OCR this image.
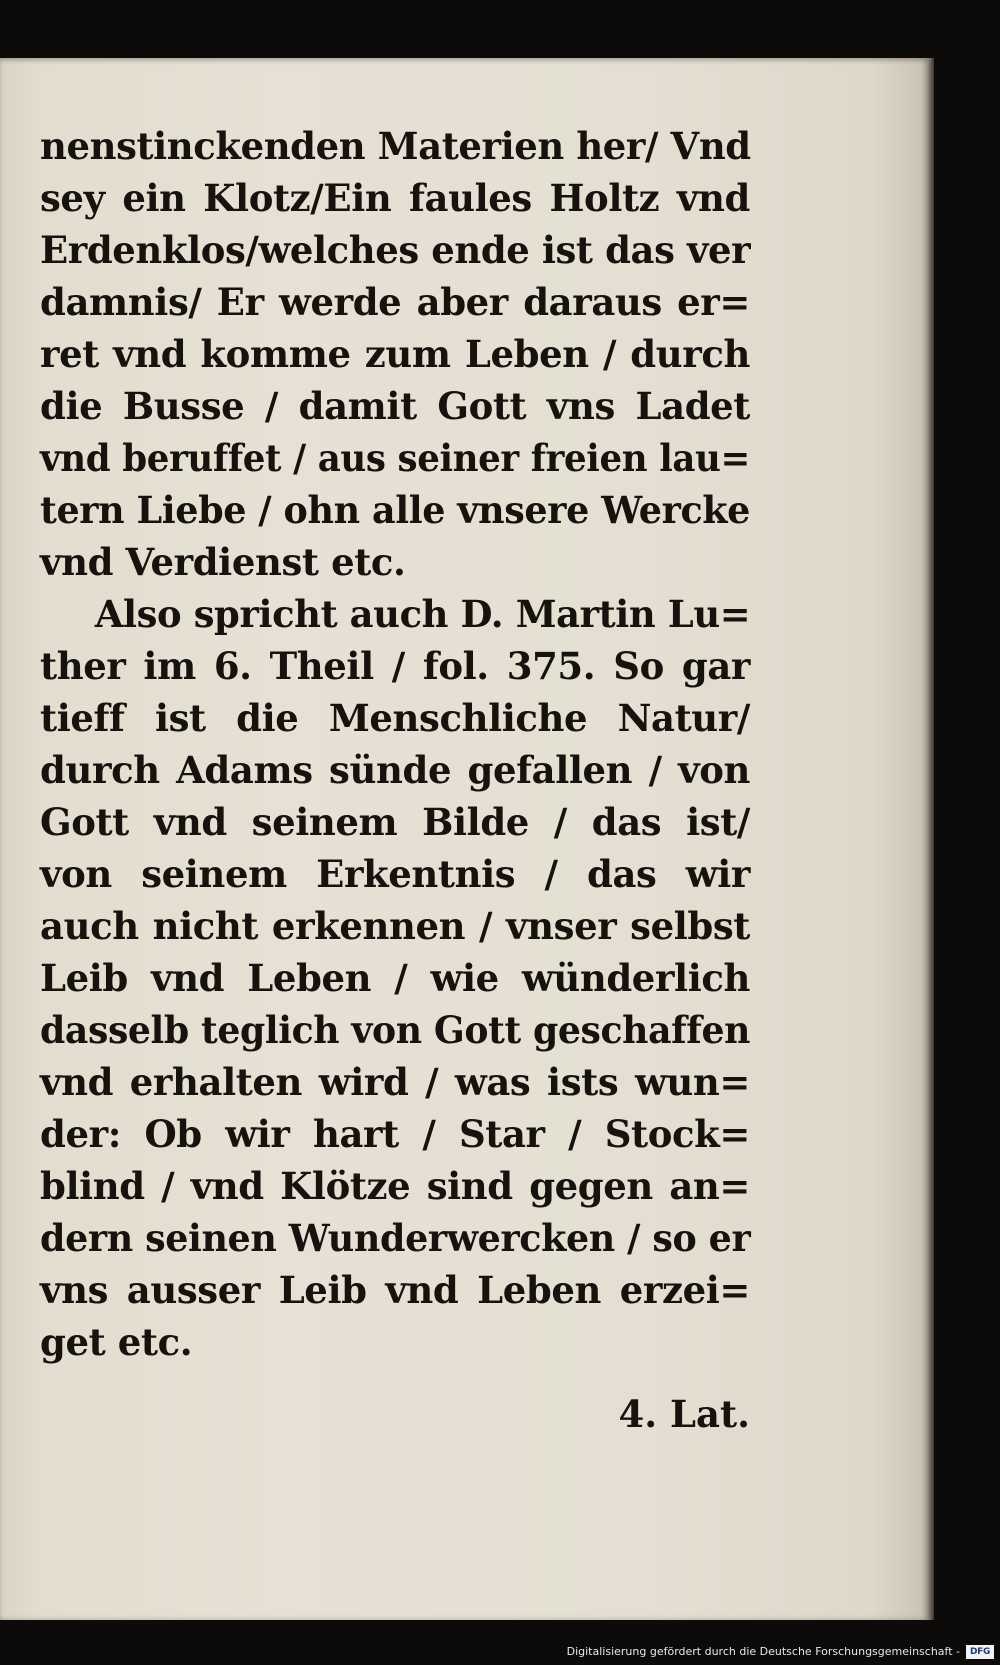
nenstinckenden Materien her/ Vnd
sey ein Klotz/Ein faules Holtz vnd
Erdenklos/welches ende ist das ver
damnis/ Er werde aber daraus er=
ret vnd komme zum Leben / durch
die Busse / damit Gott vns Ladet
vnd beruffet / aus seiner freien lau=
tern Liebe / ohn alle vnsere Wercke
vnd Verdienst etc.
Also spricht auch D. Martin Lu=
ther im 6. Theil / fol. 375. So gar
tieff ist die Menschliche Natur/
durch Adams sünde gefallen / von
Gott vnd seinem Bilde / das ist/
von seinem Erkentnis / das wir
auch nicht erkennen / vnser selbst
Leib vnd Leben / wie wünderlich
dasselb teglich von Gott geschaffen
vnd erhalten wird / was ists wun=
der: Ob wir hart / Star / Stock=
blind / vnd Klötze sind gegen an=
dern seinen Wunderwercken / so er
vns ausser Leib vnd Leben erzei=
get etc.
4. Lat.
Digitalisierung gefördert durch die Deutsche Forschungsgemeinschaft -	DFG
